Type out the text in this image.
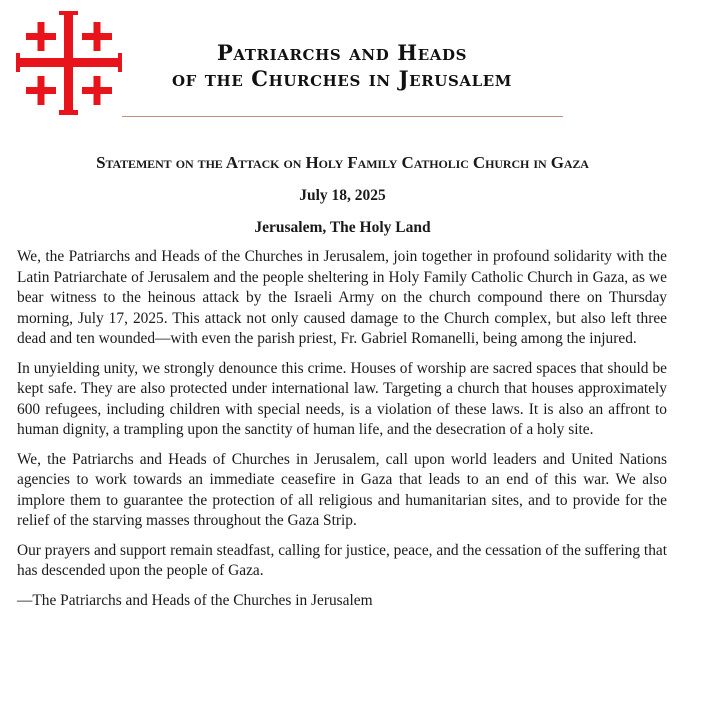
Patriarchs and Heads
of the Churches in Jerusalem
Statement on the Attack on Holy Family Catholic Church in Gaza
July 18, 2025
Jerusalem, The Holy Land

We, the Patriarchs and Heads of the Churches in Jerusalem, join together in profound solidarity with the Latin Patriarchate of Jerusalem and the people sheltering in Holy Family Catholic Church in Gaza, as we bear witness to the heinous attack by the Israeli Army on the church compound there on Thursday morning, July 17, 2025. This attack not only caused damage to the Church complex, but also left three dead and ten wounded—with even the parish priest, Fr. Gabriel Romanelli, being among the injured.

In unyielding unity, we strongly denounce this crime. Houses of worship are sacred spaces that should be kept safe. They are also protected under international law. Targeting a church that houses approximately 600 refugees, including children with special needs, is a violation of these laws. It is also an affront to human dignity, a trampling upon the sanctity of human life, and the desecration of a holy site.

We, the Patriarchs and Heads of Churches in Jerusalem, call upon world leaders and United Nations agencies to work towards an immediate ceasefire in Gaza that leads to an end of this war. We also implore them to guarantee the protection of all religious and humanitarian sites, and to provide for the relief of the starving masses throughout the Gaza Strip.

Our prayers and support remain steadfast, calling for justice, peace, and the cessation of the suffering that has descended upon the people of Gaza.

—The Patriarchs and Heads of the Churches in Jerusalem
